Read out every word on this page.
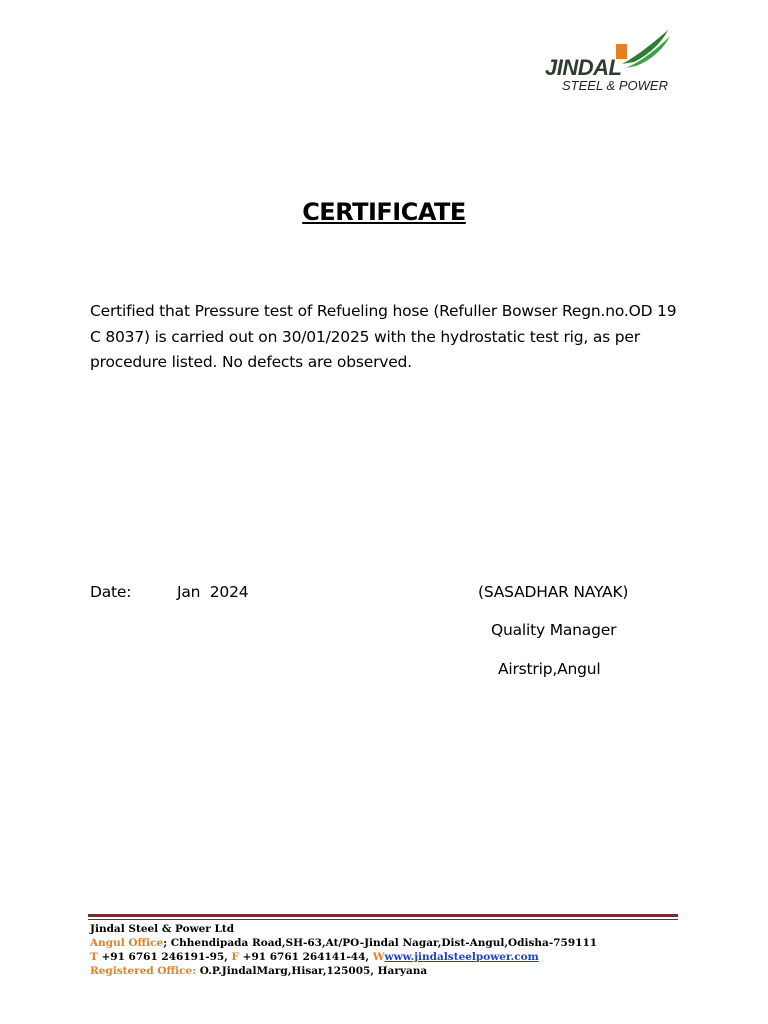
JINDAL
STEEL & POWER
CERTIFICATE
Certified that Pressure test of Refueling hose (Refuller Bowser Regn.no.OD 19 C 8037) is carried out on 30/01/2025 with the hydrostatic test rig, as per procedure listed. No defects are observed.
Date:	Jan  2024	(SASADHAR NAYAK)
Quality Manager
Airstrip,Angul
Jindal Steel & Power Ltd
Angul Office; Chhendipada Road,SH-63,At/PO-Jindal Nagar,Dist-Angul,Odisha-759111
T +91 6761 246191-95, F +91 6761 264141-44, Wwww.jindalsteelpower.com
Registered Office: O.P.JindalMarg,Hisar,125005, Haryana
